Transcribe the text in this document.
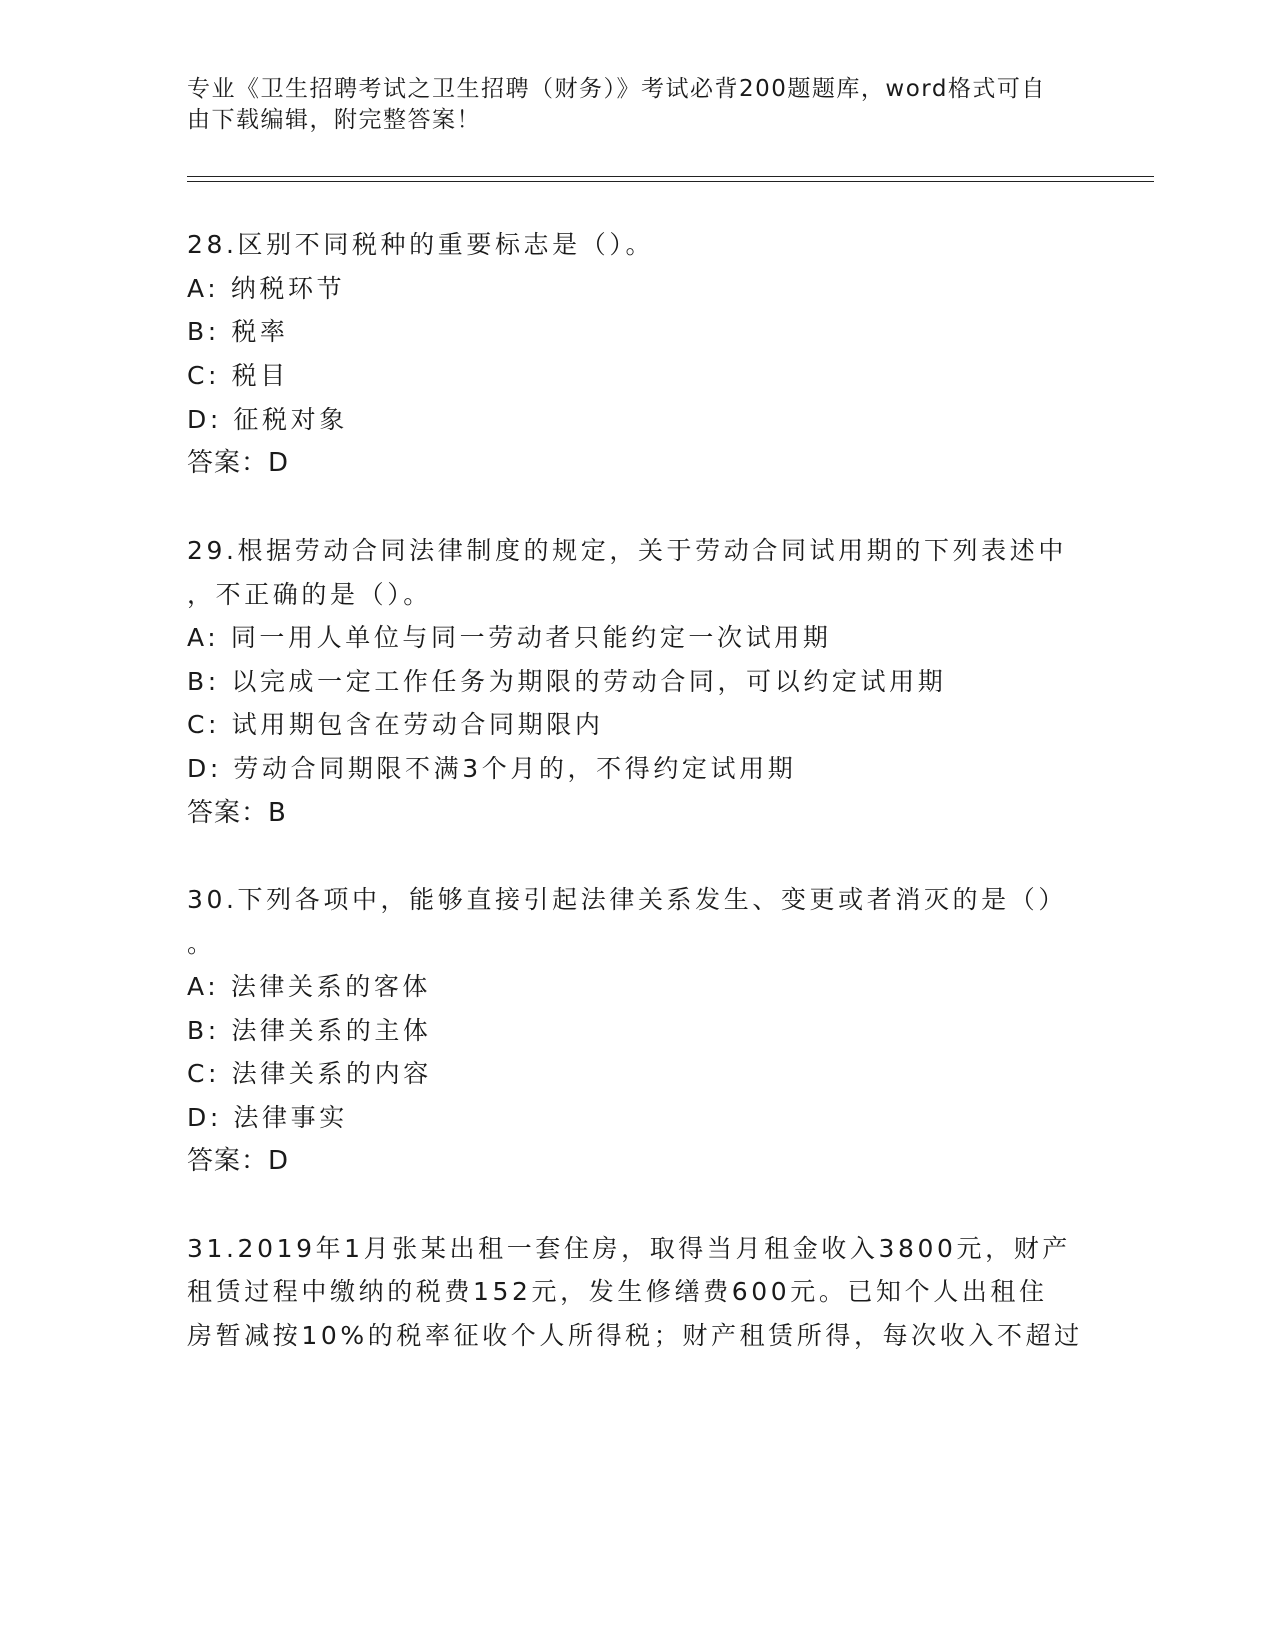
专业《卫生招聘考试之卫生招聘（财务）》考试必背200题题库，word格式可自
由下载编辑，附完整答案！
28.区别不同税种的重要标志是（）。
A: 纳税环节
B: 税率
C: 税目
D: 征税对象
答案：D
29.根据劳动合同法律制度的规定，关于劳动合同试用期的下列表述中
，不正确的是（）。
A: 同一用人单位与同一劳动者只能约定一次试用期
B: 以完成一定工作任务为期限的劳动合同，可以约定试用期
C: 试用期包含在劳动合同期限内
D: 劳动合同期限不满3个月的，不得约定试用期
答案：B
30.下列各项中，能够直接引起法律关系发生、变更或者消灭的是（）
。
A: 法律关系的客体
B: 法律关系的主体
C: 法律关系的内容
D: 法律事实
答案：D
31.2019年1月张某出租一套住房，取得当月租金收入3800元，财产
租赁过程中缴纳的税费152元，发生修缮费600元。已知个人出租住
房暂减按10%的税率征收个人所得税；财产租赁所得，每次收入不超过
